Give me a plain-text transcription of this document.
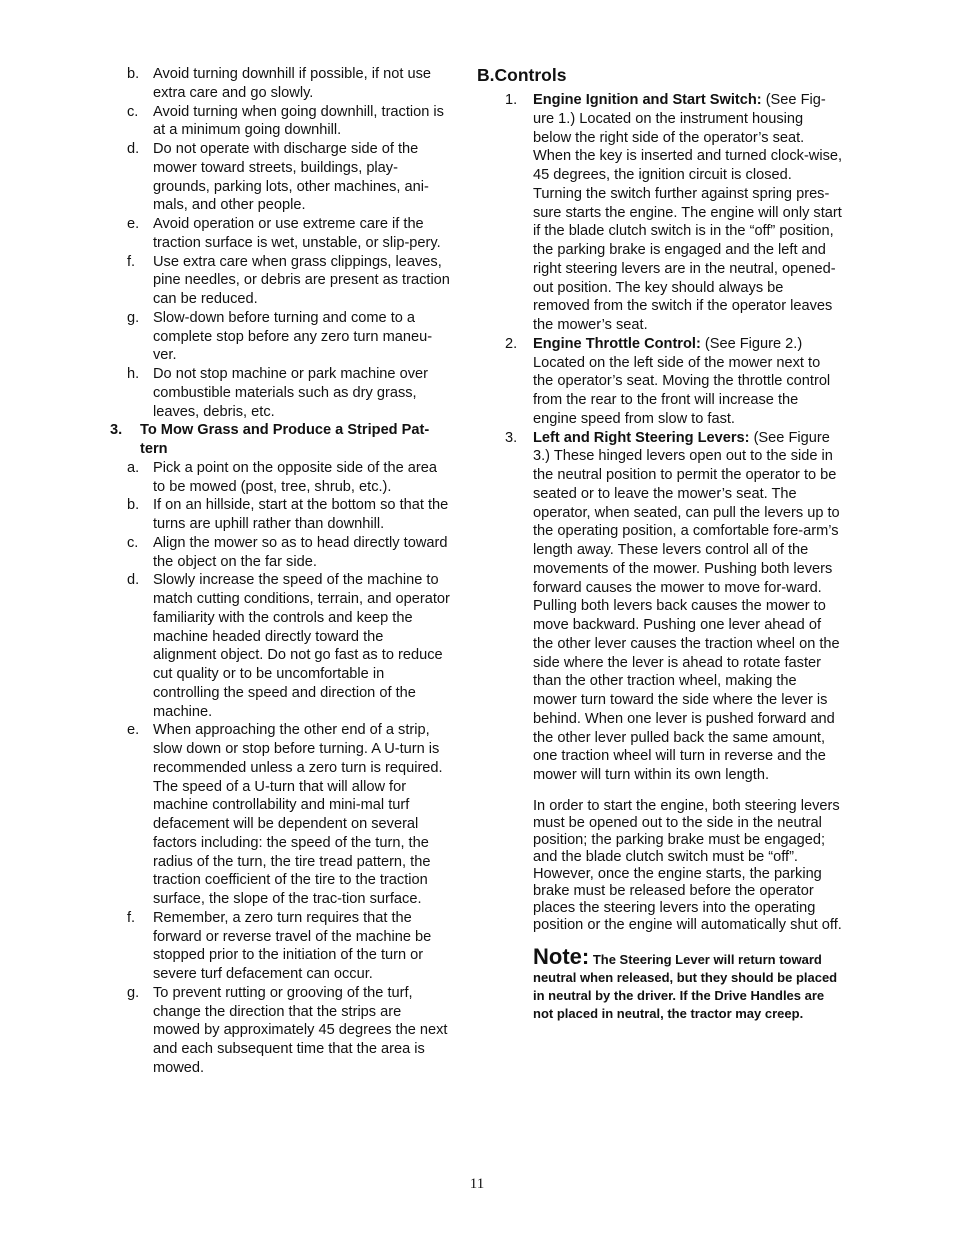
b. Avoid turning downhill if possible, if not use extra care and go slowly.
c.	Avoid turning when going downhill, traction is at a minimum going downhill.
d. Do not operate with discharge side of the mower toward streets, buildings, play-grounds, parking lots, other machines, ani-mals, and other people.
e. Avoid operation or use extreme care if the traction surface is wet, unstable, or slip-pery.
f.	Use extra care when grass clippings, leaves, pine needles, or debris are present as traction can be reduced.
g. Slow-down before turning and come to a complete stop before any zero turn maneu-ver.
h. Do not stop machine or park machine over combustible materials such as dry grass, leaves, debris, etc.
3.	To Mow Grass and Produce a Striped Pat-tern
a. Pick a point on the opposite side of the area to be mowed (post, tree, shrub, etc.).
b. If on an hillside, start at the bottom so that the turns are uphill rather than downhill.
c.	Align the mower so as to head directly toward the object on the far side.
d. Slowly increase the speed of the machine to match cutting conditions, terrain, and operator familiarity with the controls and keep the machine headed directly toward the alignment object. Do not go fast as to reduce cut quality or to be uncomfortable in controlling the speed and direction of the machine.
e. When approaching the other end of a strip, slow down or stop before turning. A U-turn is recommended unless a zero turn is required. The speed of a U-turn that will allow for machine controllability and mini-mal turf defacement will be dependent on several factors including: the speed of the turn, the radius of the turn, the tire tread pattern, the traction coefficient of the tire to the traction surface, the slope of the trac-tion surface.
f.	Remember, a zero turn requires that the forward or reverse travel of the machine be stopped prior to the initiation of the turn or severe turf defacement can occur.
g. To prevent rutting or grooving of the turf, change the direction that the strips are mowed by approximately 45 degrees the next and each subsequent time that the area is mowed.
B.Controls
1.	Engine Ignition and Start Switch: (See Fig-ure 1.) Located on the instrument housing below the right side of the operator’s seat. When the key is inserted and turned clock-wise, 45 degrees, the ignition circuit is closed. Turning the switch further against spring pres-sure starts the engine. The engine will only start if the blade clutch switch is in the “off” position, the parking brake is engaged and the left and right steering levers are in the neutral, opened-out position. The key should always be removed from the switch if the operator leaves the mower’s seat.
2.	Engine Throttle Control: (See Figure 2.) Located on the left side of the mower next to the operator’s seat. Moving the throttle control from the rear to the front will increase the engine speed from slow to fast.
3.	Left and Right Steering Levers: (See Figure 3.) These hinged levers open out to the side in the neutral position to permit the operator to be seated or to leave the mower’s seat. The operator, when seated, can pull the levers up to the operating position, a comfortable fore-arm’s length away. These levers control all of the movements of the mower. Pushing both levers forward causes the mower to move for-ward. Pulling both levers back causes the mower to move backward. Pushing one lever ahead of the other lever causes the traction wheel on the side where the lever is ahead to rotate faster than the other traction wheel, making the mower turn toward the side where the lever is behind. When one lever is pushed forward and the other lever pulled back the same amount, one traction wheel will turn in reverse and the mower will turn within its own length.

In order to start the engine, both steering levers must be opened out to the side in the neutral position; the parking brake must be engaged; and the blade clutch switch must be “off”. However, once the engine starts, the parking brake must be released before the operator places the steering levers into the operating position or the engine will automatically shut off.

Note: The Steering Lever will return toward neutral when released, but they should be placed in neutral by the driver. If the Drive Handles are not placed in neutral, the tractor may creep.

11
